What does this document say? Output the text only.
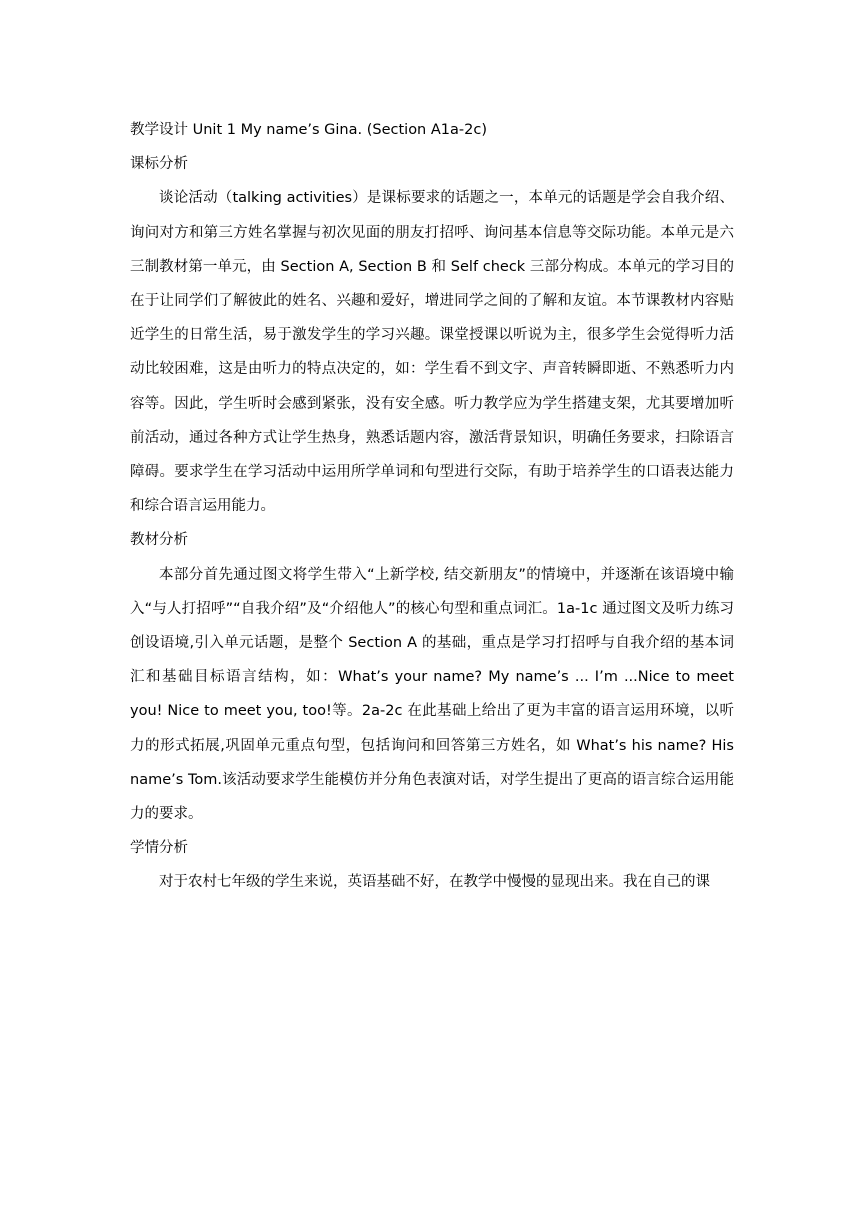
教学设计 Unit 1 My name’s Gina. (Section A1a-2c)

课标分析

谈论活动（talking activities）是课标要求的话题之一，本单元的话题是学会自我介绍、询问对方和第三方姓名掌握与初次见面的朋友打招呼、询问基本信息等交际功能。本单元是六三制教材第一单元，由 Section A, Section B 和 Self check 三部分构成。本单元的学习目的在于让同学们了解彼此的姓名、兴趣和爱好，增进同学之间的了解和友谊。本节课教材内容贴近学生的日常生活，易于激发学生的学习兴趣。课堂授课以听说为主，很多学生会觉得听力活动比较困难，这是由听力的特点决定的，如：学生看不到文字、声音转瞬即逝、不熟悉听力内容等。因此，学生听时会感到紧张，没有安全感。听力教学应为学生搭建支架，尤其要增加听前活动，通过各种方式让学生热身，熟悉话题内容，激活背景知识，明确任务要求，扫除语言障碍。要求学生在学习活动中运用所学单词和句型进行交际，有助于培养学生的口语表达能力和综合语言运用能力。

教材分析

本部分首先通过图文将学生带入“上新学校, 结交新朋友”的情境中，并逐渐在该语境中输入“与人打招呼”“自我介绍”及“介绍他人”的核心句型和重点词汇。1a-1c 通过图文及听力练习创设语境,引入单元话题，是整个 Section A 的基础，重点是学习打招呼与自我介绍的基本词汇和基础目标语言结构，如：What’s your name? My name’s ... I’m ...Nice to meet you! Nice to meet you, too!等。2a-2c 在此基础上给出了更为丰富的语言运用环境，以听力的形式拓展,巩固单元重点句型，包括询问和回答第三方姓名，如 What’s his name? His name’s Tom.该活动要求学生能模仿并分角色表演对话，对学生提出了更高的语言综合运用能力的要求。

学情分析

对于农村七年级的学生来说，英语基础不好，在教学中慢慢的显现出来。我在自己的课
